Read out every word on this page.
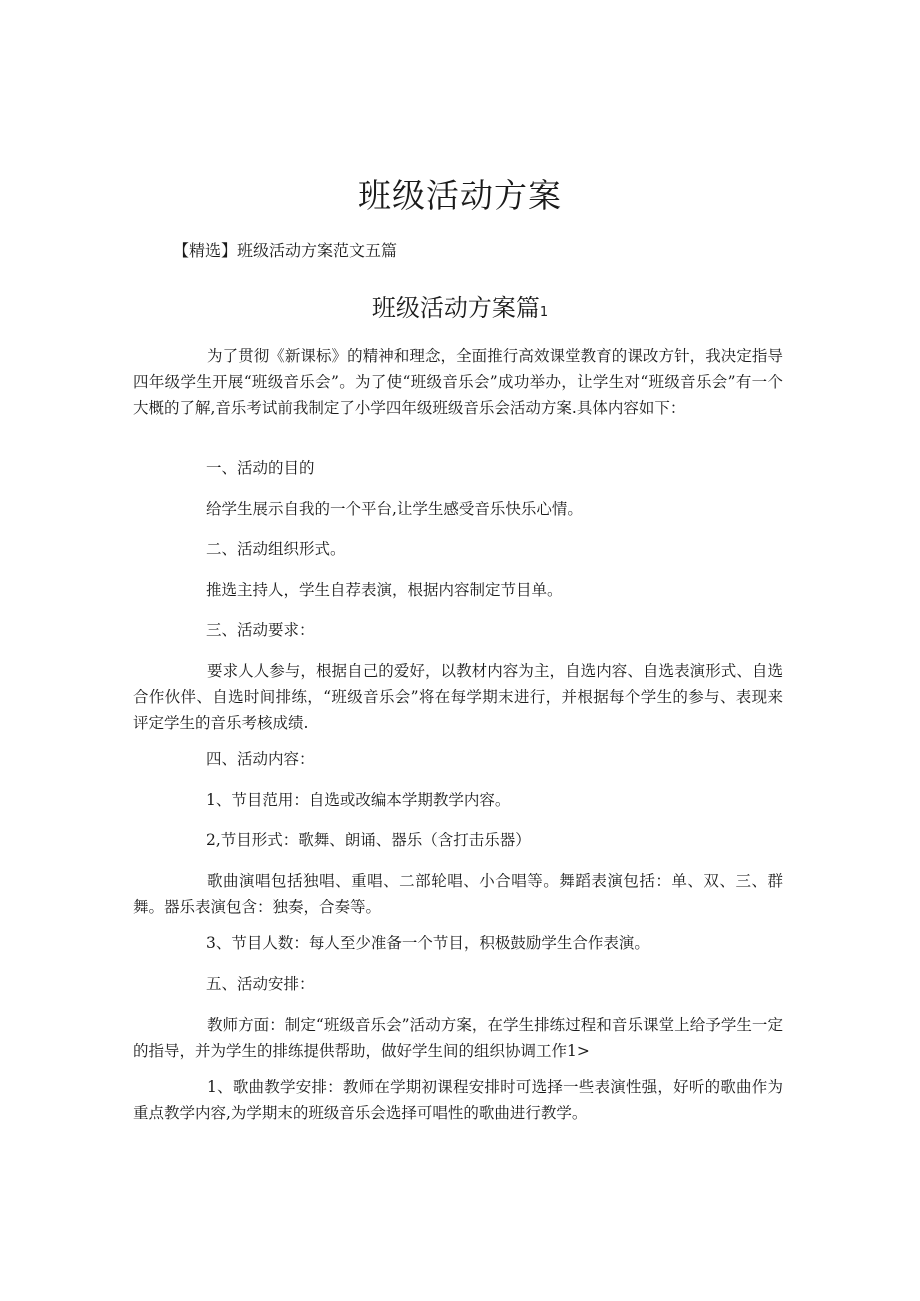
班级活动方案

【精选】班级活动方案范文五篇

班级活动方案篇1

为了贯彻《新课标》的精神和理念，全面推行高效课堂教育的课改方针，我决定指导四年级学生开展“班级音乐会”。为了使“班级音乐会”成功举办，让学生对“班级音乐会”有一个大概的了解,音乐考试前我制定了小学四年级班级音乐会活动方案.具体内容如下：

一、活动的目的

给学生展示自我的一个平台,让学生感受音乐快乐心情。

二、活动组织形式。

推选主持人，学生自荐表演，根据内容制定节目单。

三、活动要求：

要求人人参与，根据自己的爱好，以教材内容为主，自选内容、自选表演形式、自选合作伙伴、自选时间排练，“班级音乐会”将在每学期末进行，并根据每个学生的参与、表现来评定学生的音乐考核成绩.

四、活动内容：

1、节目范用：自选或改编本学期教学内容。

2,节目形式：歌舞、朗诵、器乐（含打击乐器）

歌曲演唱包括独唱、重唱、二部轮唱、小合唱等。舞蹈表演包括：单、双、三、群舞。器乐表演包含：独奏，合奏等。

3、节目人数：每人至少准备一个节目，积极鼓励学生合作表演。

五、活动安排：

教师方面：制定“班级音乐会”活动方案，在学生排练过程和音乐课堂上给予学生一定的指导，并为学生的排练提供帮助，做好学生间的组织协调工作1>

1、歌曲教学安排：教师在学期初课程安排时可选择一些表演性强，好听的歌曲作为重点教学内容,为学期末的班级音乐会选择可唱性的歌曲进行教学。
